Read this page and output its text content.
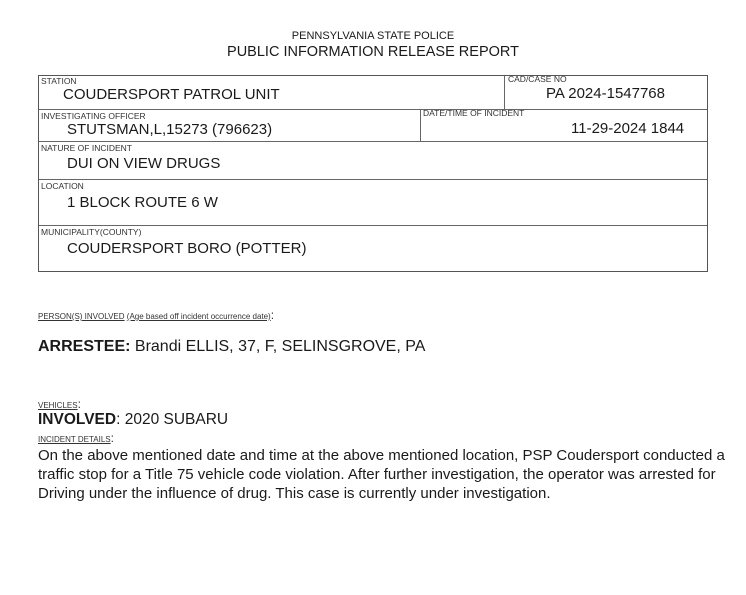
PENNSYLVANIA STATE POLICE
PUBLIC INFORMATION RELEASE REPORT
STATION
COUDERSPORT PATROL UNIT
CAD/CASE NO
PA 2024-1547768
INVESTIGATING OFFICER
STUTSMAN,L,15273 (796623)
DATE/TIME OF INCIDENT
11-29-2024 1844
NATURE OF INCIDENT
DUI ON VIEW DRUGS
LOCATION
1 BLOCK ROUTE 6 W
MUNICIPALITY(COUNTY)
COUDERSPORT BORO (POTTER)
PERSON(S) INVOLVED (Age based off incident occurrence date):
ARRESTEE: Brandi ELLIS, 37, F, SELINSGROVE, PA
VEHICLES:
INVOLVED: 2020 SUBARU
INCIDENT DETAILS:
On the above mentioned date and time at the above mentioned location, PSP Coudersport conducted a traffic stop for a Title 75 vehicle code violation. After further investigation, the operator was arrested for Driving under the influence of drug. This case is currently under investigation.
